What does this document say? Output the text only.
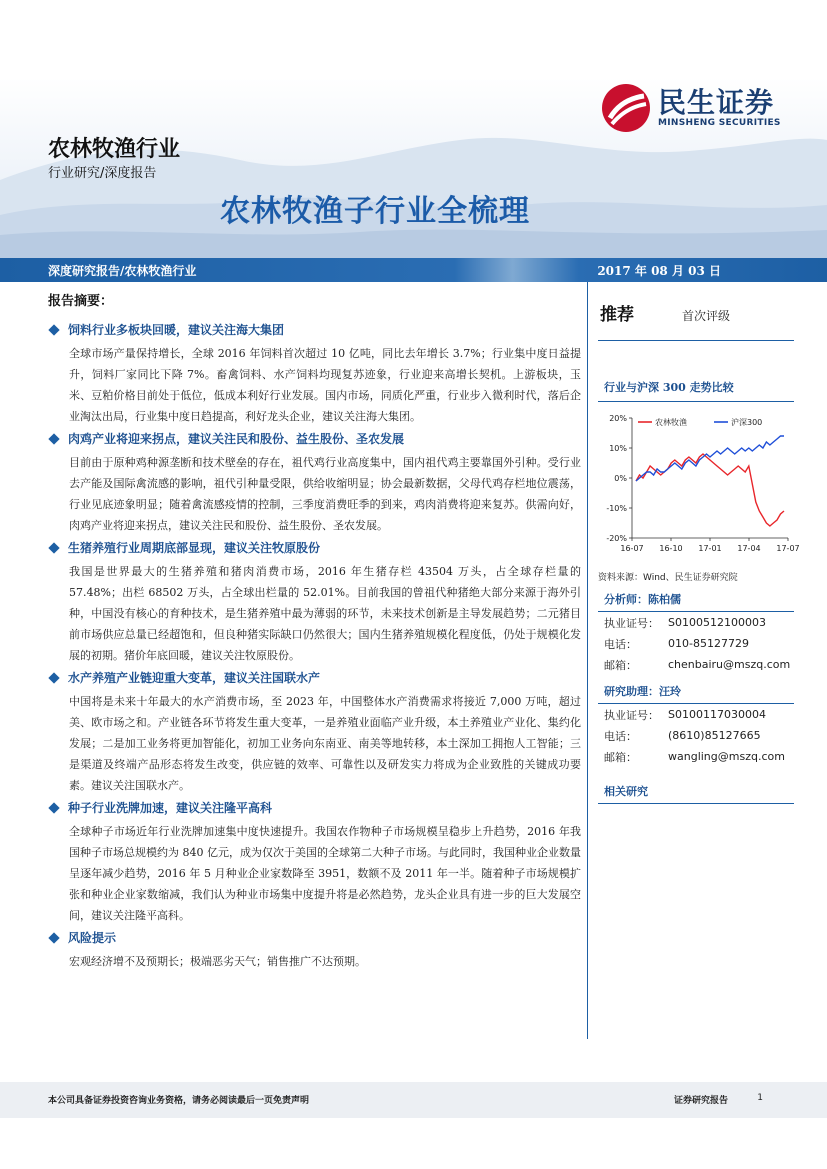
民生证券
MINSHENG SECURITIES
农林牧渔行业
行业研究/深度报告
农林牧渔子行业全梳理
深度研究报告/农林牧渔行业	2017 年 08 月 03 日
报告摘要：
饲料行业多板块回暖，建议关注海大集团
全球市场产量保持增长，全球 2016 年饲料首次超过 10 亿吨，同比去年增长 3.7%；行业集中度日益提升，饲料厂家同比下降 7%。畜禽饲料、水产饲料均现复苏迹象，行业迎来高增长契机。上游板块，玉米、豆粕价格目前处于低位，低成本利好行业发展。国内市场，同质化严重，行业步入微利时代，落后企业淘汰出局，行业集中度日趋提高，利好龙头企业，建议关注海大集团。
肉鸡产业将迎来拐点，建议关注民和股份、益生股份、圣农发展
目前由于原种鸡种源垄断和技术壁垒的存在，祖代鸡行业高度集中，国内祖代鸡主要靠国外引种。受行业去产能及国际禽流感的影响，祖代引种量受限，供给收缩明显；协会最新数据，父母代鸡存栏地位震荡，行业见底迹象明显；随着禽流感疫情的控制，三季度消费旺季的到来，鸡肉消费将迎来复苏。供需向好，肉鸡产业将迎来拐点，建议关注民和股份、益生股份、圣农发展。
生猪养殖行业周期底部显现，建议关注牧原股份
我国是世界最大的生猪养殖和猪肉消费市场，2016 年生猪存栏 43504 万头，占全球存栏量的 57.48%；出栏 68502 万头，占全球出栏量的 52.01%。目前我国的曾祖代种猪绝大部分来源于海外引种，中国没有核心的育种技术，是生猪养殖中最为薄弱的环节，未来技术创新是主导发展趋势；二元猪目前市场供应总量已经超饱和，但良种猪实际缺口仍然很大；国内生猪养殖规模化程度低，仍处于规模化发展的初期。猪价年底回暖，建议关注牧原股份。
水产养殖产业链迎重大变革，建议关注国联水产
中国将是未来十年最大的水产消费市场，至 2023 年，中国整体水产消费需求将接近 7,000 万吨，超过美、欧市场之和。产业链各环节将发生重大变革，一是养殖业面临产业升级，本土养殖业产业化、集约化发展；二是加工业务将更加智能化，初加工业务向东南亚、南美等地转移，本土深加工拥抱人工智能；三是渠道及终端产品形态将发生改变，供应链的效率、可靠性以及研发实力将成为企业致胜的关键成功要素。建议关注国联水产。
种子行业洗牌加速，建议关注隆平高科
全球种子市场近年行业洗牌加速集中度快速提升。我国农作物种子市场规模呈稳步上升趋势，2016 年我国种子市场总规模约为 840 亿元，成为仅次于美国的全球第二大种子市场。与此同时，我国种业企业数量呈逐年减少趋势，2016 年 5 月种业企业家数降至 3951，数额不及 2011 年一半。随着种子市场规模扩张和种业企业家数缩减，我们认为种业市场集中度提升将是必然趋势，龙头企业具有进一步的巨大发展空间，建议关注隆平高科。
风险提示
宏观经济增不及预期长；极端恶劣天气；销售推广不达预期。
推荐	首次评级
行业与沪深 300 走势比较
20%
10%
0%
-10%
-20%
16-07 16-10 17-01 17-04 17-07
农林牧渔	沪深300
资料来源：Wind、民生证券研究院
分析师：陈柏儒
执业证号： S0100512100003
电话：	010-85127729
邮箱：	chenbairu@mszq.com
研究助理：汪玲
执业证号： S0100117030004
电话：	(8610)85127665
邮箱：	wangling@mszq.com
相关研究
本公司具备证券投资咨询业务资格，请务必阅读最后一页免责声明	证券研究报告	1
